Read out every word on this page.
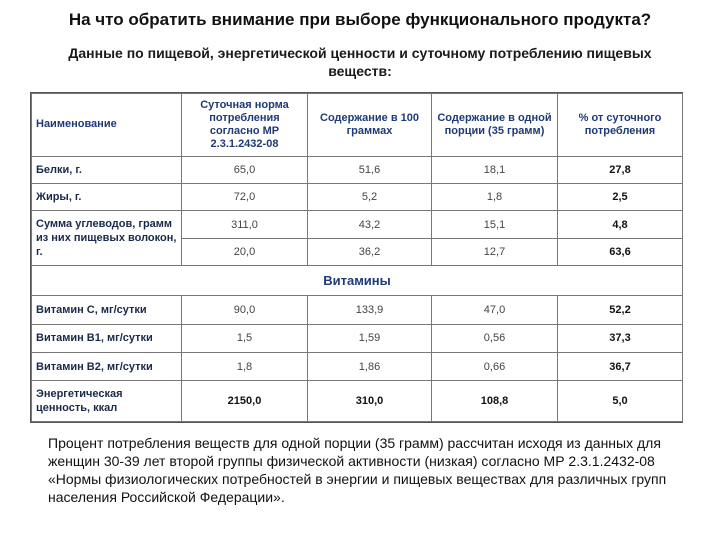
На что обратить внимание при выборе функционального продукта?
Данные по пищевой, энергетической ценности и суточному потреблению пищевых веществ:
Наименование	Суточная норма потребления согласно МР 2.3.1.2432-08	Содержание в 100 граммах	Содержание в одной порции (35 грамм)	% от суточного потребления
Белки, г.	65,0	51,6	18,1	27,8
Жиры, г.	72,0	5,2	1,8	2,5
Сумма углеводов, грамм из них пищевых волокон, г.	311,0	43,2	15,1	4,8
	20,0	36,2	12,7	63,6
Витамины				
Витамин С, мг/сутки	90,0	133,9	47,0	52,2
Витамин В1, мг/сутки	1,5	1,59	0,56	37,3
Витамин В2, мг/сутки	1,8	1,86	0,66	36,7
Энергетическая ценность, ккал	2150,0	310,0	108,8	5,0
Процент потребления веществ для одной порции (35 грамм) рассчитан исходя из данных для женщин 30-39 лет второй группы физической активности (низкая) согласно МР 2.3.1.2432-08 «Нормы физиологических потребностей в энергии и пищевых веществах для различных групп населения Российской Федерации».
